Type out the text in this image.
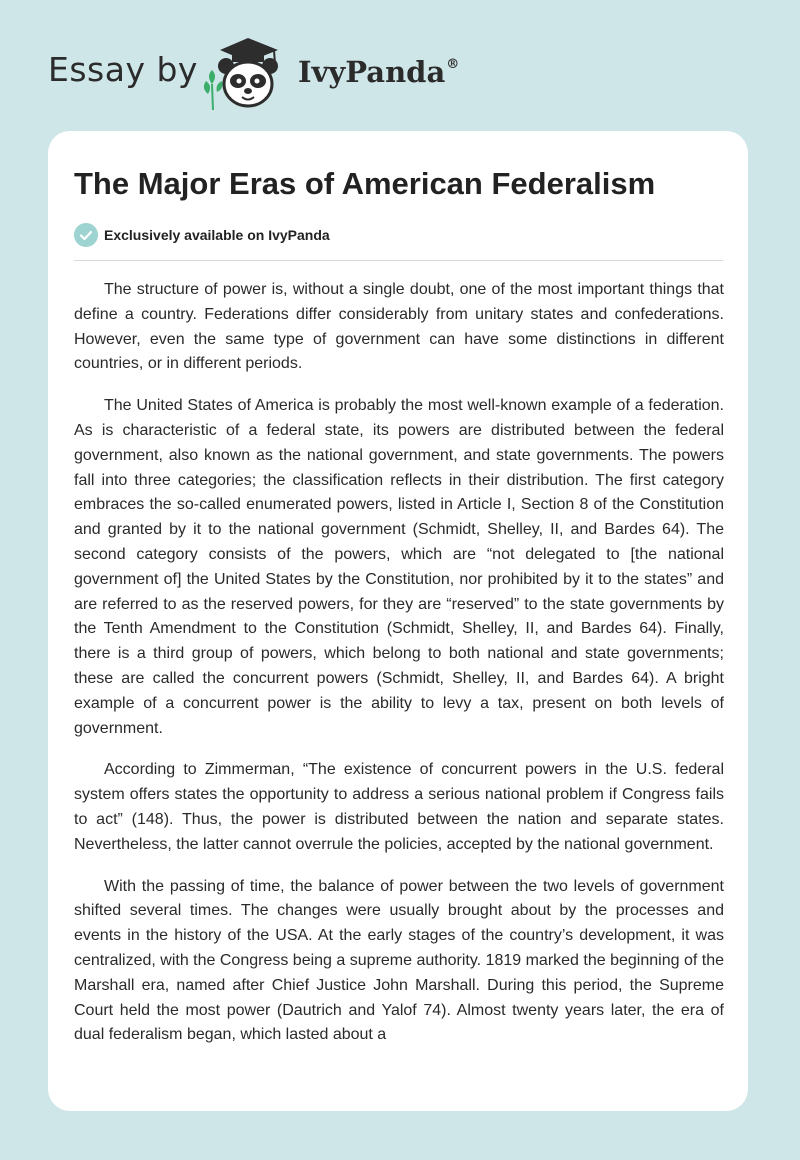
Essay by	IvyPanda®
The Major Eras of American Federalism
Exclusively available on IvyPanda

The structure of power is, without a single doubt, one of the most important things that define a country. Federations differ considerably from unitary states and confederations. However, even the same type of government can have some distinctions in different countries, or in different periods.

The United States of America is probably the most well-known example of a federation. As is characteristic of a federal state, its powers are distributed between the federal government, also known as the national government, and state governments. The powers fall into three categories; the classification reflects in their distribution. The first category embraces the so-called enumerated powers, listed in Article I, Section 8 of the Constitution and granted by it to the national government (Schmidt, Shelley, II, and Bardes 64). The second category consists of the powers, which are “not delegated to [the national government of] the United States by the Constitution, nor prohibited by it to the states” and are referred to as the reserved powers, for they are “reserved” to the state governments by the Tenth Amendment to the Constitution (Schmidt, Shelley, II, and Bardes 64). Finally, there is a third group of powers, which belong to both national and state governments; these are called the concurrent powers (Schmidt, Shelley, II, and Bardes 64). A bright example of a concurrent power is the ability to levy a tax, present on both levels of government.

According to Zimmerman, “The existence of concurrent powers in the U.S. federal system offers states the opportunity to address a serious national problem if Congress fails to act” (148). Thus, the power is distributed between the nation and separate states. Nevertheless, the latter cannot overrule the policies, accepted by the national government.

With the passing of time, the balance of power between the two levels of government shifted several times. The changes were usually brought about by the processes and events in the history of the USA. At the early stages of the country’s development, it was centralized, with the Congress being a supreme authority. 1819 marked the beginning of the Marshall era, named after Chief Justice John Marshall. During this period, the Supreme Court held the most power (Dautrich and Yalof 74). Almost twenty years later, the era of dual federalism began, which lasted about a
